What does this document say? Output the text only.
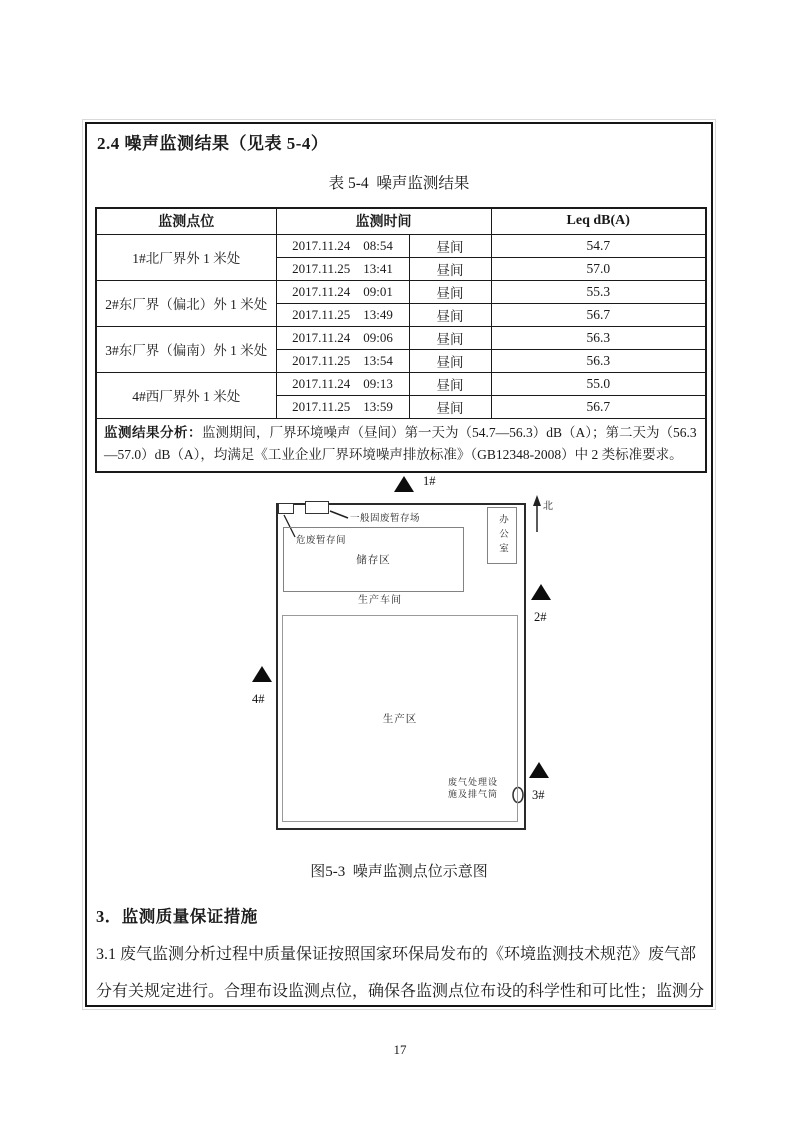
2.4 噪声监测结果（见表 5-4）
表 5-4  噪声监测结果
监测点位	监测时间		Leq dB(A)
1#北厂界外 1 米处	2017.11.24 08:54	昼间	54.7

	2017.11.25 13:41	昼间	57.0
2#东厂界（偏北）外 1 米处	2017.11.24 09:01	昼间	55.3

	2017.11.25 13:49	昼间	56.7
3#东厂界（偏南）外 1 米处	2017.11.24 09:06	昼间	56.3

	2017.11.25 13:54	昼间	56.3
4#西厂界外 1 米处	2017.11.24 09:13	昼间	55.0

	2017.11.25 13:59	昼间	56.7

监测结果分析：监测期间，厂界环境噪声（昼间）第一天为（54.7—56.3）dB（A）；第二天为（56.3
—57.0）dB（A），均满足《工业企业厂界环境噪声排放标准》（GB12348-2008）中 2 类标准要求。			
储存区
办公室
生产区
生产车间
一般固废暂存场
危废暂存间
废气处理设
施及排气筒
北
1#
2#
3#
4#
图5-3  噪声监测点位示意图
3．监测质量保证措施
3.1 废气监测分析过程中质量保证按照国家环保局发布的《环境监测技术规范》废气部
分有关规定进行。合理布设监测点位，确保各监测点位布设的科学性和可比性；监测分
17
